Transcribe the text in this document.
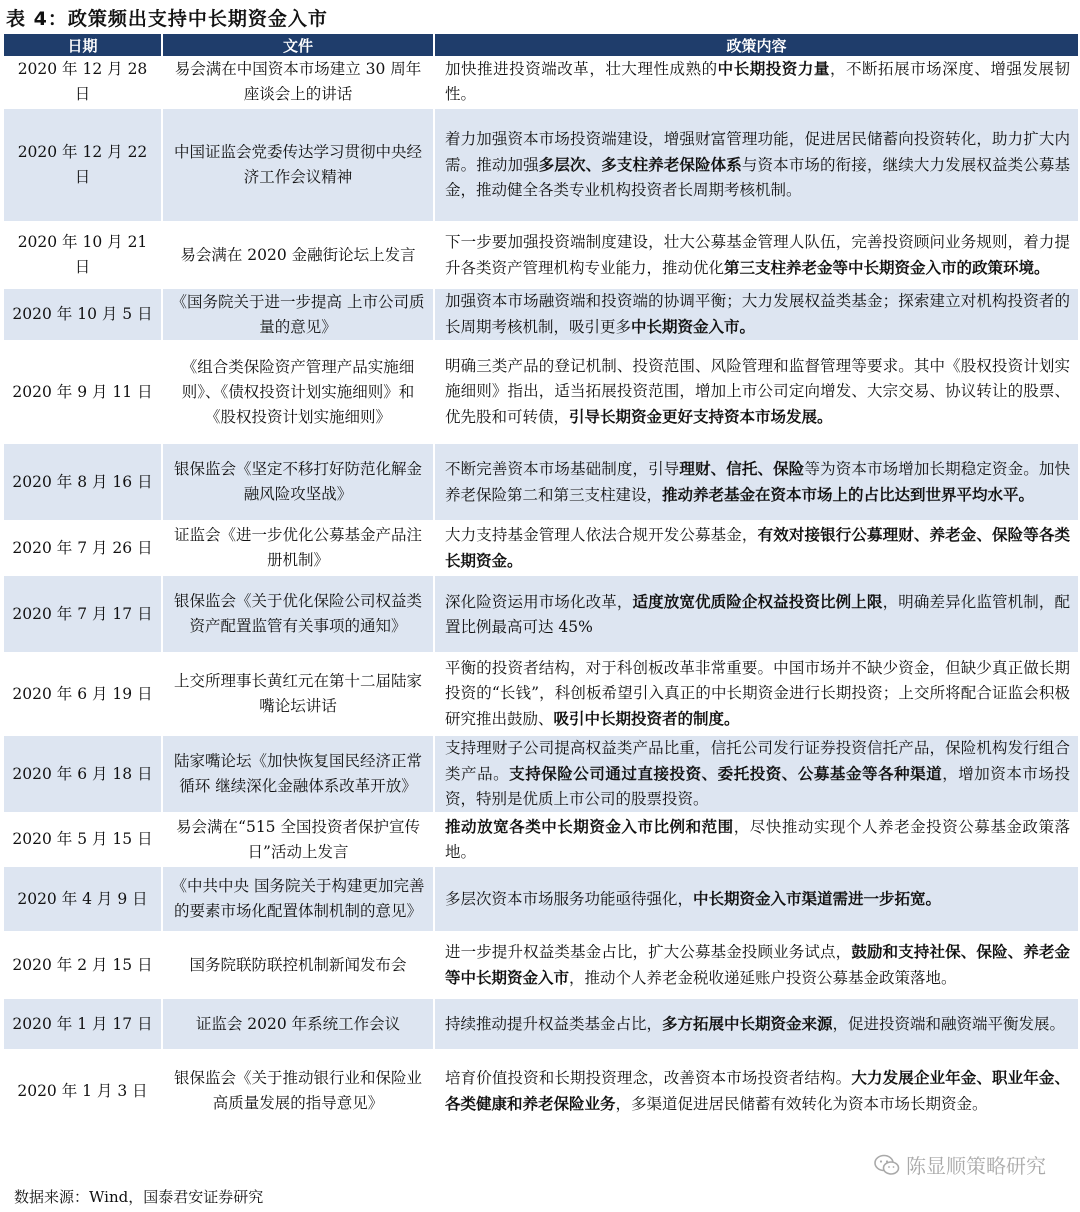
表 4：政策频出支持中长期资金入市
日期	文件	政策内容
2020 年 12 月 28 日	易会满在中国资本市场建立 30 周年座谈会上的讲话	加快推进投资端改革，壮大理性成熟的中长期投资力量，不断拓展市场深度、增强发展韧性。
2020 年 12 月 22 日	中国证监会党委传达学习贯彻中央经济工作会议精神	着力加强资本市场投资端建设，增强财富管理功能，促进居民储蓄向投资转化，助力扩大内需。推动加强多层次、多支柱养老保险体系与资本市场的衔接，继续大力发展权益类公募基金，推动健全各类专业机构投资者长周期考核机制。
2020 年 10 月 21 日	易会满在 2020 金融街论坛上发言	下一步要加强投资端制度建设，壮大公募基金管理人队伍，完善投资顾问业务规则，着力提升各类资产管理机构专业能力，推动优化第三支柱养老金等中长期资金入市的政策环境。
2020 年 10 月 5 日	《国务院关于进一步提高 上市公司质量的意见》	加强资本市场融资端和投资端的协调平衡；大力发展权益类基金；探索建立对机构投资者的长周期考核机制，吸引更多中长期资金入市。
2020 年 9 月 11 日	《组合类保险资产管理产品实施细则》、《债权投资计划实施细则》和《股权投资计划实施细则》	明确三类产品的登记机制、投资范围、风险管理和监督管理等要求。其中《股权投资计划实施细则》指出，适当拓展投资范围，增加上市公司定向增发、大宗交易、协议转让的股票、优先股和可转债，引导长期资金更好支持资本市场发展。
2020 年 8 月 16 日	银保监会《坚定不移打好防范化解金融风险攻坚战》	不断完善资本市场基础制度，引导理财、信托、保险等为资本市场增加长期稳定资金。加快养老保险第二和第三支柱建设，推动养老基金在资本市场上的占比达到世界平均水平。
2020 年 7 月 26 日	证监会《进一步优化公募基金产品注册机制》	大力支持基金管理人依法合规开发公募基金，有效对接银行公募理财、养老金、保险等各类长期资金。
2020 年 7 月 17 日	银保监会《关于优化保险公司权益类资产配置监管有关事项的通知》	深化险资运用市场化改革，适度放宽优质险企权益投资比例上限，明确差异化监管机制，配置比例最高可达 45%
2020 年 6 月 19 日	上交所理事长黄红元在第十二届陆家嘴论坛讲话	平衡的投资者结构，对于科创板改革非常重要。中国市场并不缺少资金，但缺少真正做长期投资的“长钱”，科创板希望引入真正的中长期资金进行长期投资；上交所将配合证监会积极研究推出鼓励、吸引中长期投资者的制度。
2020 年 6 月 18 日	陆家嘴论坛《加快恢复国民经济正常循环 继续深化金融体系改革开放》	支持理财子公司提高权益类产品比重，信托公司发行证券投资信托产品，保险机构发行组合类产品。支持保险公司通过直接投资、委托投资、公募基金等各种渠道，增加资本市场投资，特别是优质上市公司的股票投资。
2020 年 5 月 15 日	易会满在“515 全国投资者保护宣传日”活动上发言	推动放宽各类中长期资金入市比例和范围，尽快推动实现个人养老金投资公募基金政策落地。
2020 年 4 月 9 日	《中共中央 国务院关于构建更加完善的要素市场化配置体制机制的意见》	多层次资本市场服务功能亟待强化，中长期资金入市渠道需进一步拓宽。
2020 年 2 月 15 日	国务院联防联控机制新闻发布会	进一步提升权益类基金占比，扩大公募基金投顾业务试点，鼓励和支持社保、保险、养老金等中长期资金入市，推动个人养老金税收递延账户投资公募基金政策落地。
2020 年 1 月 17 日	证监会 2020 年系统工作会议	持续推动提升权益类基金占比，多方拓展中长期资金来源，促进投资端和融资端平衡发展。
2020 年 1 月 3 日	银保监会《关于推动银行业和保险业高质量发展的指导意见》	培育价值投资和长期投资理念，改善资本市场投资者结构。大力发展企业年金、职业年金、各类健康和养老保险业务，多渠道促进居民储蓄有效转化为资本市场长期资金。
数据来源：Wind，国泰君安证券研究
陈显顺策略研究
